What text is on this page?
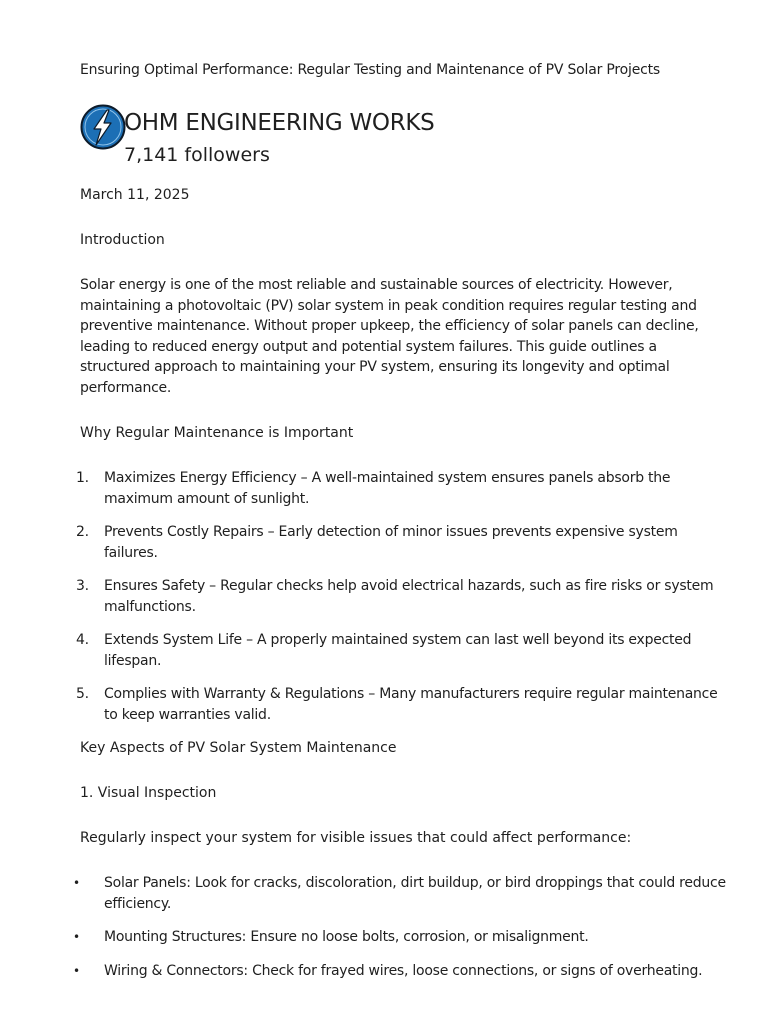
Ensuring Optimal Performance: Regular Testing and Maintenance of PV Solar Projects
OHM ENGINEERING WORKS
7,141 followers
March 11, 2025
Introduction
Solar energy is one of the most reliable and sustainable sources of electricity. However, maintaining a photovoltaic (PV) solar system in peak condition requires regular testing and preventive maintenance. Without proper upkeep, the efficiency of solar panels can decline, leading to reduced energy output and potential system failures. This guide outlines a structured approach to maintaining your PV system, ensuring its longevity and optimal performance.
Why Regular Maintenance is Important
1. Maximizes Energy Efficiency – A well-maintained system ensures panels absorb the maximum amount of sunlight.
2. Prevents Costly Repairs – Early detection of minor issues prevents expensive system failures.
3. Ensures Safety – Regular checks help avoid electrical hazards, such as fire risks or system malfunctions.
4. Extends System Life – A properly maintained system can last well beyond its expected lifespan.
5. Complies with Warranty & Regulations – Many manufacturers require regular maintenance to keep warranties valid.
Key Aspects of PV Solar System Maintenance
1. Visual Inspection
Regularly inspect your system for visible issues that could affect performance:
• Solar Panels: Look for cracks, discoloration, dirt buildup, or bird droppings that could reduce efficiency.
• Mounting Structures: Ensure no loose bolts, corrosion, or misalignment.
• Wiring & Connectors: Check for frayed wires, loose connections, or signs of overheating.
